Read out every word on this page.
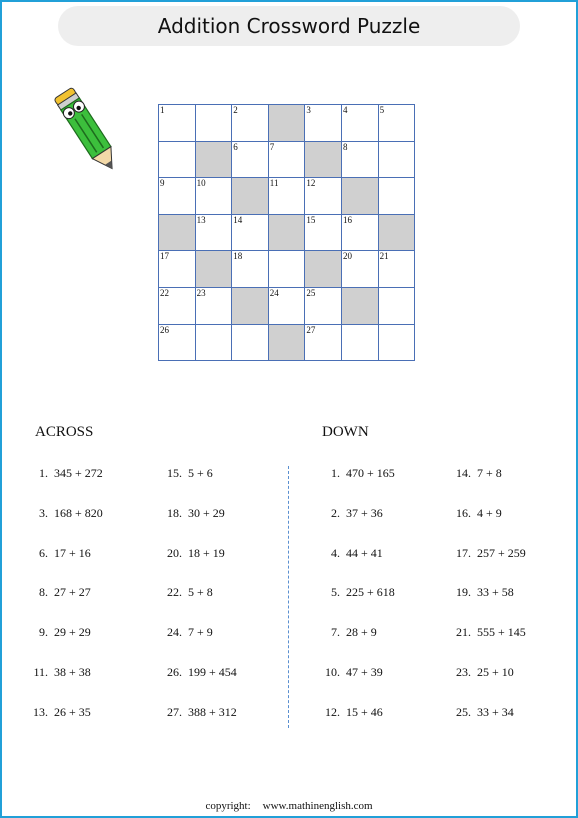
Addition Crossword Puzzle
1		2		3	4	5

		6	7		8	

9	10		11	12		

	13	14		15	16	

17		18			20	21

22	23		24	25		

26				27		

ACROSS	DOWN
1. 345 + 272
3. 168 + 820
6. 17 + 16
8. 27 + 27
9. 29 + 29
11. 38 + 38
13. 26 + 35
15. 5 + 6
18. 30 + 29
20. 18 + 19
22. 5 + 8
24. 7 + 9
26. 199 + 454
27. 388 + 312
1. 470 + 165
2. 37 + 36
4. 44 + 41
5. 225 + 618
7. 28 + 9
10. 47 + 39
12. 15 + 46
14. 7 + 8
16. 4 + 9
17. 257 + 259
19. 33 + 58
21. 555 + 145
23. 25 + 10
25. 33 + 34
copyright: www.mathinenglish.com
